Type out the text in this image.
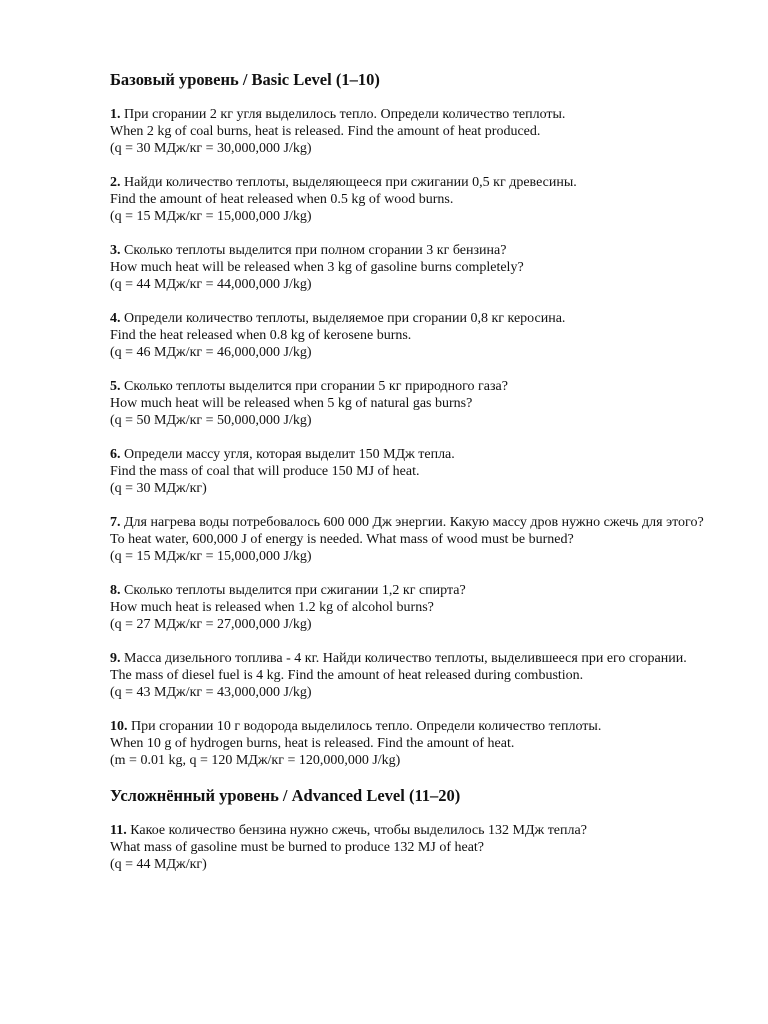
Базовый уровень / Basic Level (1–10)
1. При сгорании 2 кг угля выделилось тепло. Определи количество теплоты.
When 2 kg of coal burns, heat is released. Find the amount of heat produced.
(q = 30 МДж/кг = 30,000,000 J/kg)
2. Найди количество теплоты, выделяющееся при сжигании 0,5 кг древесины.
Find the amount of heat released when 0.5 kg of wood burns.
(q = 15 МДж/кг = 15,000,000 J/kg)
3. Сколько теплоты выделится при полном сгорании 3 кг бензина?
How much heat will be released when 3 kg of gasoline burns completely?
(q = 44 МДж/кг = 44,000,000 J/kg)
4. Определи количество теплоты, выделяемое при сгорании 0,8 кг керосина.
Find the heat released when 0.8 kg of kerosene burns.
(q = 46 МДж/кг = 46,000,000 J/kg)
5. Сколько теплоты выделится при сгорании 5 кг природного газа?
How much heat will be released when 5 kg of natural gas burns?
(q = 50 МДж/кг = 50,000,000 J/kg)
6. Определи массу угля, которая выделит 150 МДж тепла.
Find the mass of coal that will produce 150 MJ of heat.
(q = 30 МДж/кг)
7. Для нагрева воды потребовалось 600 000 Дж энергии. Какую массу дров нужно сжечь для этого?
To heat water, 600,000 J of energy is needed. What mass of wood must be burned?
(q = 15 МДж/кг = 15,000,000 J/kg)
8. Сколько теплоты выделится при сжигании 1,2 кг спирта?
How much heat is released when 1.2 kg of alcohol burns?
(q = 27 МДж/кг = 27,000,000 J/kg)
9. Масса дизельного топлива - 4 кг. Найди количество теплоты, выделившееся при его сгорании.
The mass of diesel fuel is 4 kg. Find the amount of heat released during combustion.
(q = 43 МДж/кг = 43,000,000 J/kg)
10. При сгорании 10 г водорода выделилось тепло. Определи количество теплоты.
When 10 g of hydrogen burns, heat is released. Find the amount of heat.
(m = 0.01 kg, q = 120 МДж/кг = 120,000,000 J/kg)
Усложнённый уровень / Advanced Level (11–20)
11. Какое количество бензина нужно сжечь, чтобы выделилось 132 МДж тепла?
What mass of gasoline must be burned to produce 132 MJ of heat?
(q = 44 МДж/кг)
